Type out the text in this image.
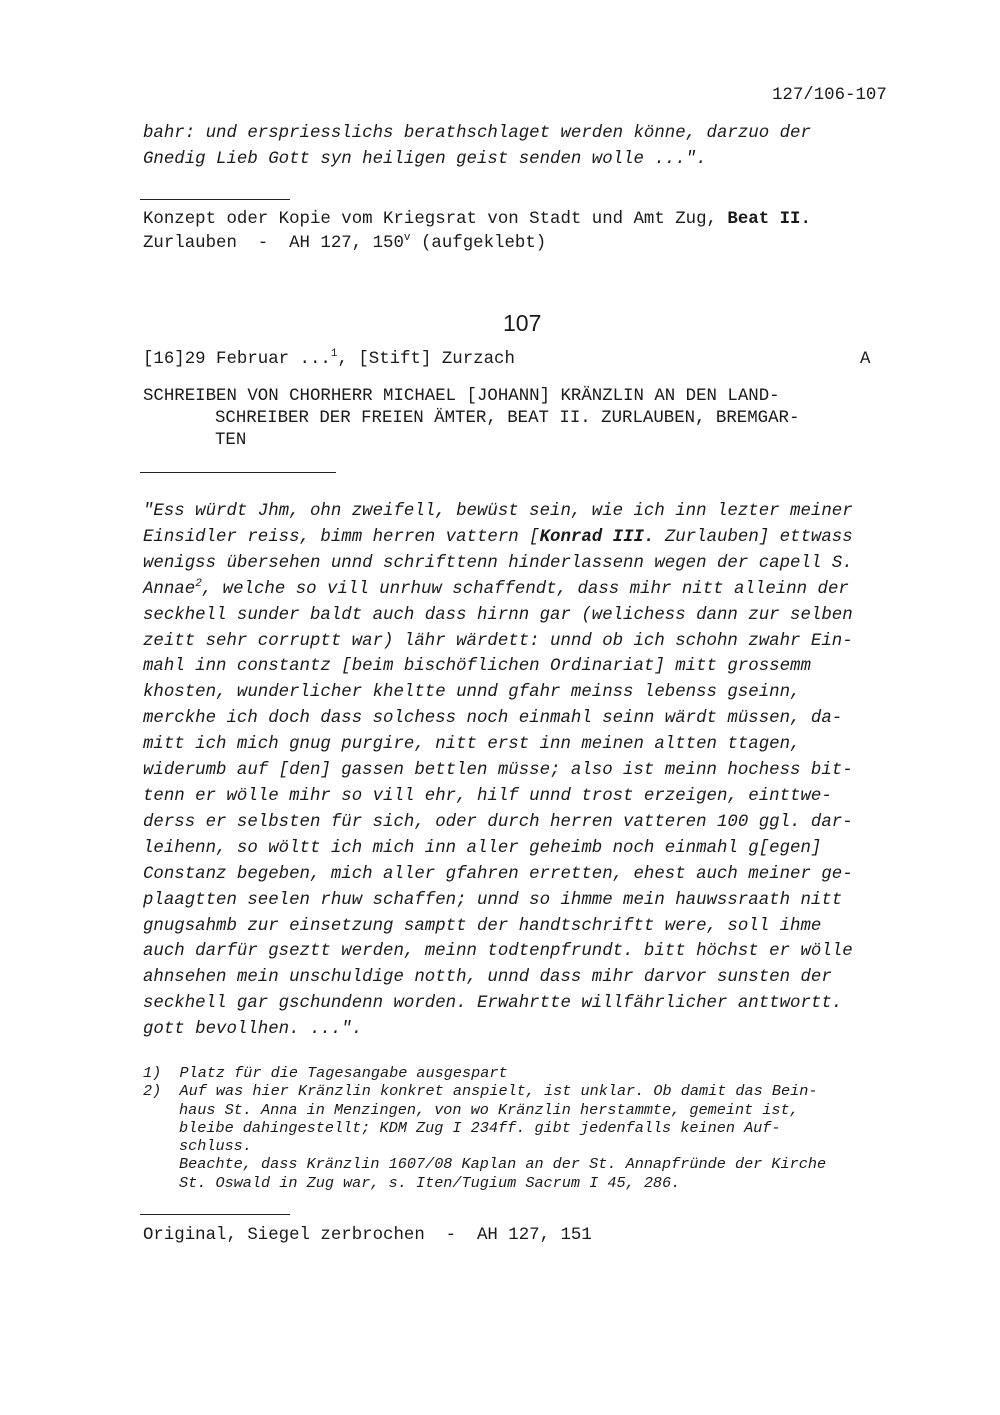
127/106-107
bahr: und erspriesslichs berathschlaget werden könne, darzuo der
Gnedig Lieb Gott syn heiligen geist senden wolle ...".
Konzept oder Kopie vom Kriegsrat von Stadt und Amt Zug, Beat II.
Zurlauben  -  AH 127, 150$^v$ (aufgeklebt)
107
[16]29 Februar ...$^1$, [Stift] Zurzach	A
SCHREIBEN VON CHORHERR MICHAEL [JOHANN] KRÄNZLIN AN DEN LAND-
SCHREIBER DER FREIEN ÄMTER, BEAT II. ZURLAUBEN, BREMGAR-
TEN
"Ess würdt Jhm, ohn zweifell, bewüst sein, wie ich inn lezter meiner
Einsidler reiss, bimm herren vattern [Konrad III. Zurlauben] ettwass
wenigss übersehen unnd schrifttenn hinderlassenn wegen der capell S.
Annae$^2$, welche so vill unrhuw schaffendt, dass mihr nitt alleinn der
seckhell sunder baldt auch dass hirnn gar (welichess dann zur selben
zeitt sehr corruptt war) lähr wärdett: unnd ob ich schohn zwahr Ein-
mahl inn constantz [beim bischöflichen Ordinariat] mitt grossemm
khosten, wunderlicher kheltte unnd gfahr meinss lebenss gseinn,
merckhe ich doch dass solchess noch einmahl seinn wärdt müssen, da-
mitt ich mich gnug purgire, nitt erst inn meinen altten ttagen,
widerumb auf [den] gassen bettlen müsse; also ist meinn hochess bit-
tenn er wölle mihr so vill ehr, hilf unnd trost erzeigen, einttwe-
derss er selbsten für sich, oder durch herren vatteren 100 ggl. dar-
leihenn, so wöltt ich mich inn aller geheimb noch einmahl g[egen]
Constanz begeben, mich aller gfahren erretten, ehest auch meiner ge-
plaagtten seelen rhuw schaffen; unnd so ihmme mein hauwssraath nitt
gnugsahmb zur einsetzung samptt der handtschriftt were, soll ihme
auch darfür gseztt werden, meinn todtenpfrundt. bitt höchst er wölle
ahnsehen mein unschuldige notth, unnd dass mihr darvor sunsten der
seckhell gar gschundenn worden. Erwahrtte willfährlicher anttwortt.
gott bevollhen. ...".
1) Platz für die Tagesangabe ausgespart
2) Auf was hier Kränzlin konkret anspielt, ist unklar. Ob damit das Bein-
haus St. Anna in Menzingen, von wo Kränzlin herstammte, gemeint ist,
bleibe dahingestellt; KDM Zug I 234ff. gibt jedenfalls keinen Auf-
schluss.
Beachte, dass Kränzlin 1607/08 Kaplan an der St. Annapfründe der Kirche
St. Oswald in Zug war, s. Iten/Tugium Sacrum I 45, 286.
Original, Siegel zerbrochen  -  AH 127, 151
